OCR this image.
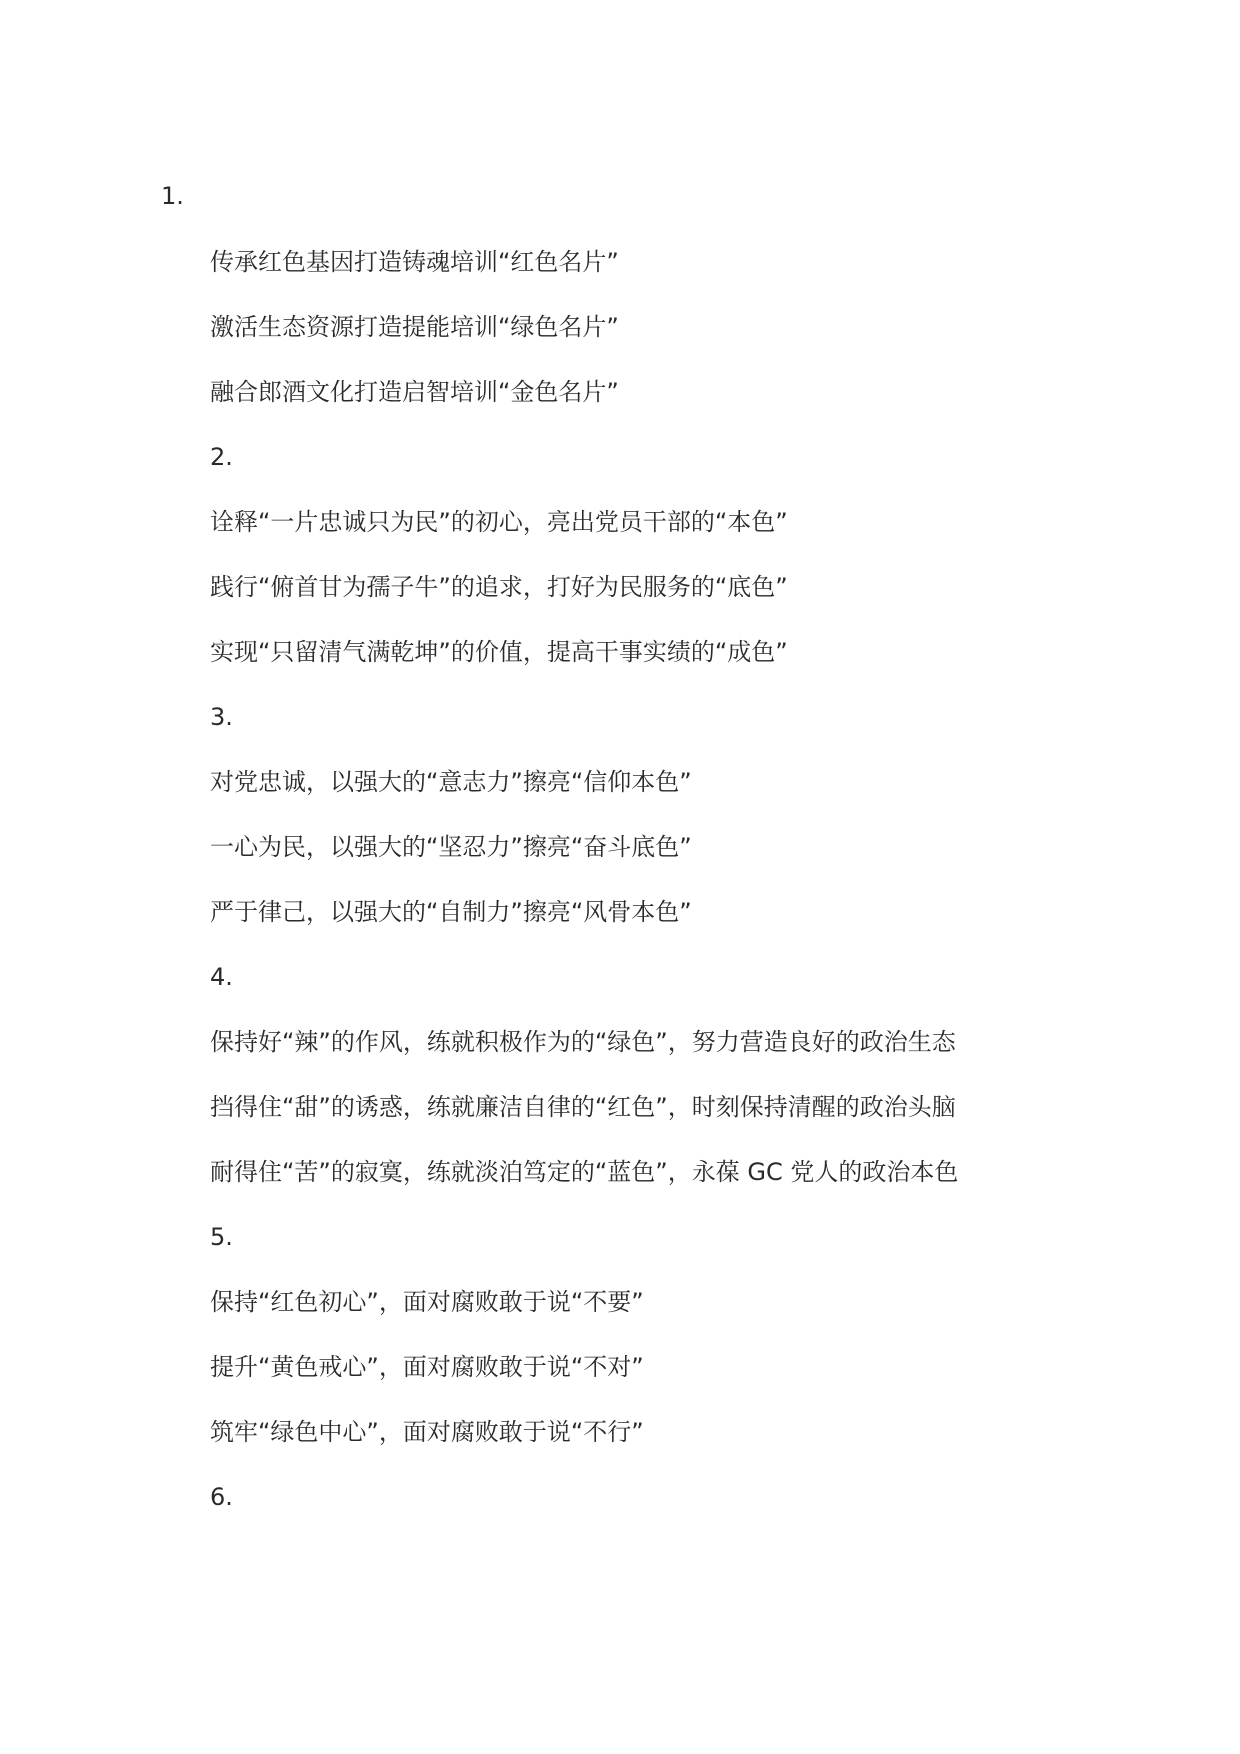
1.
传承红色基因打造铸魂培训“红色名片”
激活生态资源打造提能培训“绿色名片”
融合郎酒文化打造启智培训“金色名片”
2.
诠释“一片忠诚只为民”的初心，亮出党员干部的“本色”
践行“俯首甘为孺子牛”的追求，打好为民服务的“底色”
实现“只留清气满乾坤”的价值，提高干事实绩的“成色”
3.
对党忠诚，以强大的“意志力”擦亮“信仰本色”
一心为民，以强大的“坚忍力”擦亮“奋斗底色”
严于律己，以强大的“自制力”擦亮“风骨本色”
4.
保持好“辣”的作风，练就积极作为的“绿色”，努力营造良好的政治生态
挡得住“甜”的诱惑，练就廉洁自律的“红色”，时刻保持清醒的政治头脑
耐得住“苦”的寂寞，练就淡泊笃定的“蓝色”，永葆 GC 党人的政治本色
5.
保持“红色初心”，面对腐败敢于说“不要”
提升“黄色戒心”，面对腐败敢于说“不对”
筑牢“绿色中心”，面对腐败敢于说“不行”
6.
